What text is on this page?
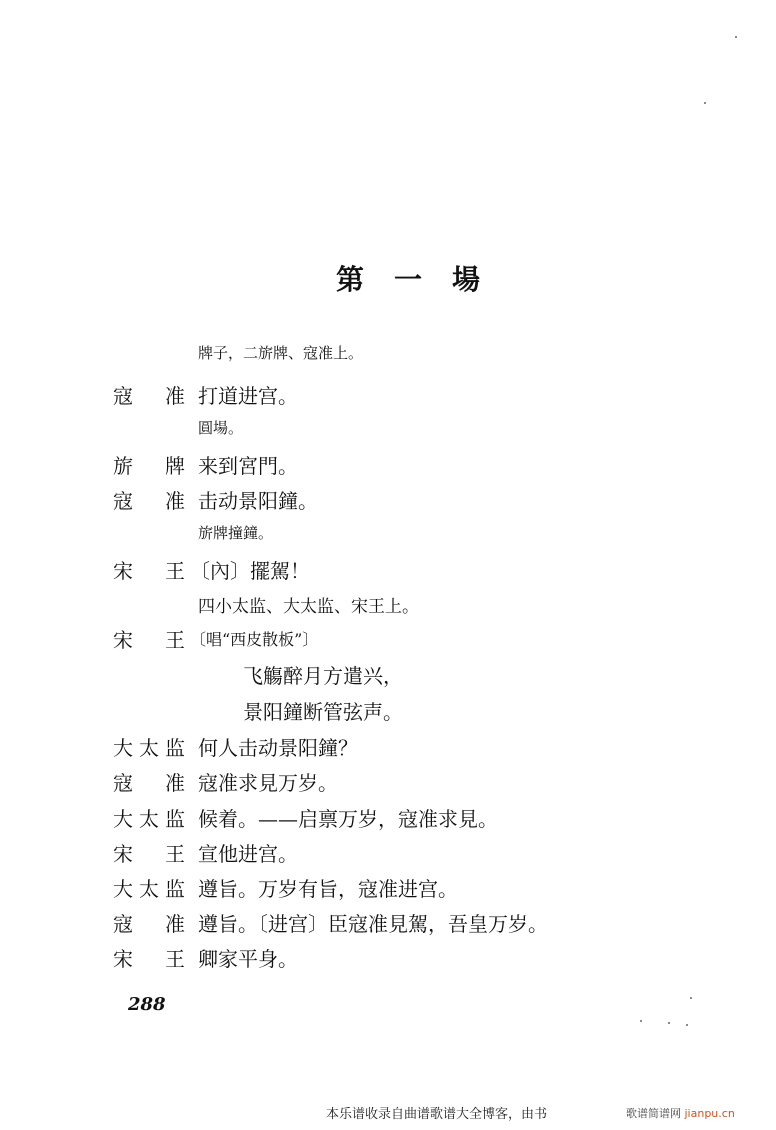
第一場
牌子，二旂牌、寇准上。
寇准 打道进宫。
圓場。
旂牌 来到宮門。
寇准 击动景阳鐘。
旂牌撞鐘。
宋王 〔內〕擺駕！
四小太监、大太监、宋王上。
宋王 〔唱“西皮散板”〕
飞觴醉月方遣兴，
景阳鐘断管弦声。
大太监 何人击动景阳鐘？
寇准 寇准求見万岁。
大太监 候着。——启禀万岁，寇准求見。
宋王 宣他进宫。
大太监 遵旨。万岁有旨，寇准进宫。
寇准 遵旨。〔进宫〕臣寇准見駕，吾皇万岁。
宋王 卿家平身。
288
本乐谱收录自曲谱歌谱大全博客，由书	歌谱简谱网 jianpu.cn
